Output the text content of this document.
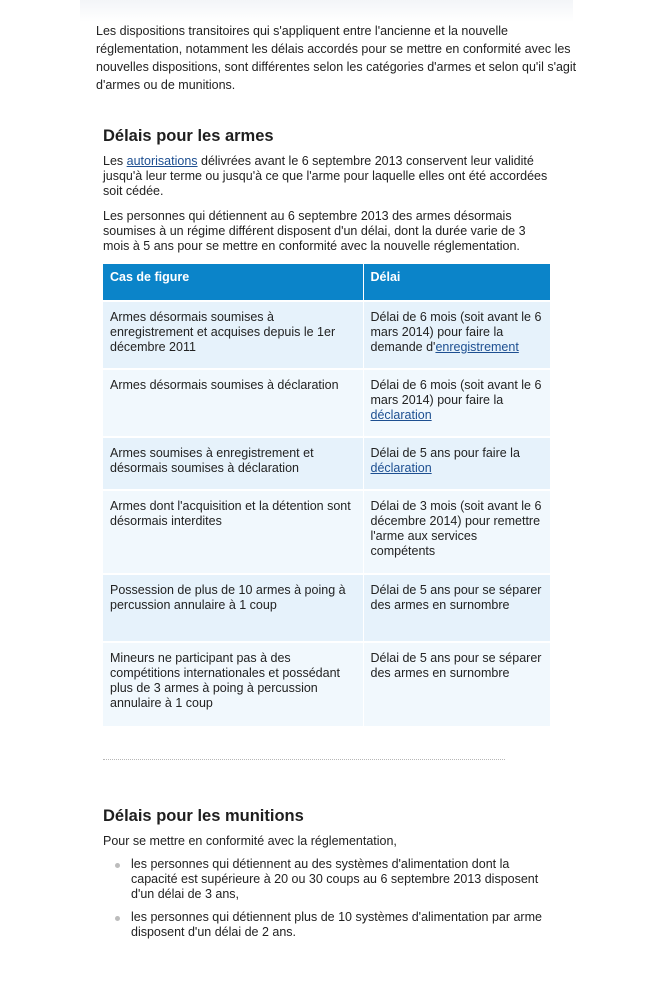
Les dispositions transitoires qui s'appliquent entre l'ancienne et la nouvelle réglementation, notamment les délais accordés pour se mettre en conformité avec les nouvelles dispositions, sont différentes selon les catégories d'armes et selon qu'il s'agit d'armes ou de munitions.

Délais pour les armes

Les autorisations délivrées avant le 6 septembre 2013 conservent leur validité jusqu'à leur terme ou jusqu'à ce que l'arme pour laquelle elles ont été accordées soit cédée.

Les personnes qui détiennent au 6 septembre 2013 des armes désormais soumises à un régime différent disposent d'un délai, dont la durée varie de 3 mois à 5 ans pour se mettre en conformité avec la nouvelle réglementation.

Cas de figure	Délai
Armes désormais soumises à enregistrement et acquises depuis le 1er décembre 2011	Délai de 6 mois (soit avant le 6 mars 2014) pour faire la demande d'enregistrement
Armes désormais soumises à déclaration	Délai de 6 mois (soit avant le 6 mars 2014) pour faire la déclaration
Armes soumises à enregistrement et désormais soumises à déclaration	Délai de 5 ans pour faire la déclaration
Armes dont l'acquisition et la détention sont désormais interdites	Délai de 3 mois (soit avant le 6 décembre 2014) pour remettre l'arme aux services compétents
Possession de plus de 10 armes à poing à percussion annulaire à 1 coup	Délai de 5 ans pour se séparer des armes en surnombre
Mineurs ne participant pas à des compétitions internationales et possédant plus de 3 armes à poing à percussion annulaire à 1 coup	Délai de 5 ans pour se séparer des armes en surnombre
Délais pour les munitions

Pour se mettre en conformité avec la réglementation,

les personnes qui détiennent au des systèmes d'alimentation dont la capacité est supérieure à 20 ou 30 coups au 6 septembre 2013 disposent d'un délai de 3 ans,
les personnes qui détiennent plus de 10 systèmes d'alimentation par arme disposent d'un délai de 2 ans.
